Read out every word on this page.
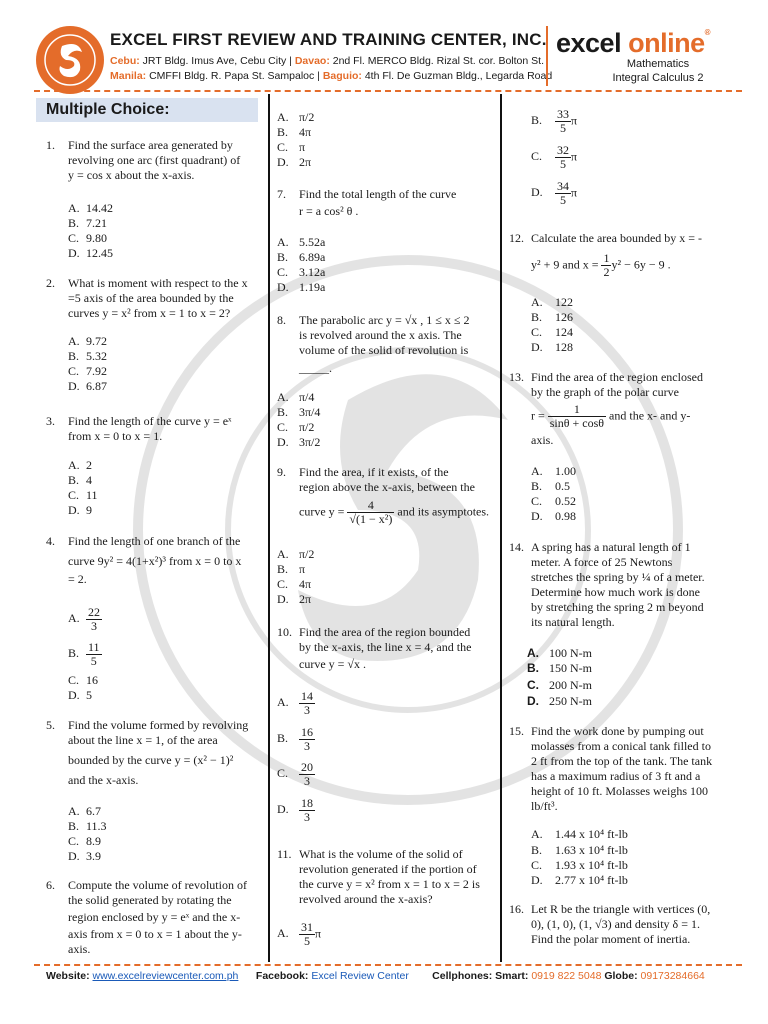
EXCEL FIRST REVIEW AND TRAINING CENTER, INC.
Cebu: JRT Bldg. Imus Ave, Cebu City | Davao: 2nd Fl. MERCO Bldg. Rizal St. cor. Bolton St.
Manila: CMFFI Bldg. R. Papa St. Sampaloc | Baguio: 4th Fl. De Guzman Bldg., Legarda Road
excel online®
Mathematics
Integral Calculus 2
Multiple Choice:
1. Find the surface area generated by
revolving one arc (first quadrant) of
y = cos x about the x-axis.
A. 14.42
B. 7.21
C. 9.80
D. 12.45
2. What is moment with respect to the x
=5 axis of the area bounded by the
curves y = x² from x = 1 to x = 2?
A. 9.72
B. 5.32
C. 7.92
D. 6.87
3. Find the length of the curve y = eˣ
from x = 0 to x = 1.
A. 2
B. 4
C. 11
D. 9
4. Find the length of one branch of the
curve 9y² = 4(1+x²)³ from x = 0 to x
= 2.
A. $\frac{22}{3}$
B. $\frac{11}{5}$
C. 16
D. 5
5. Find the volume formed by revolving
about the line x = 1, of the area
bounded by the curve y = (x² − 1)²
and the x-axis.
A. 6.7
B. 11.3
C. 8.9
D. 3.9
6. Compute the volume of revolution of
the solid generated by rotating the
region enclosed by y = eˣ and the x-
axis from x = 0 to x = 1 about the y-
axis.
A. π/2
B. 4π
C. π
D. 2π
7. Find the total length of the curve
r = a cos² θ .
A. 5.52a
B. 6.89a
C. 3.12a
D. 1.19a
8. The parabolic arc y = √x , 1 ≤ x ≤ 2
is revolved around the x axis. The
volume of the solid of revolution is
_____.
A. π/4
B. 3π/4
C. π/2
D. 3π/2
9. Find the area, if it exists, of the
region above the x-axis, between the
curve $y = \frac{4}{\text{√(1 − x²)}}$ and its asymptotes.
A. π/2
B. π
C. 4π
D. 2π
10. Find the area of the region bounded
by the x-axis, the line x = 4, and the
curve y = √x .
A. $\frac{14}{3}$
B. $\frac{16}{3}$
C. $\frac{20}{3}$
D. $\frac{18}{3}$
11. What is the volume of the solid of
revolution generated if the portion of
the curve y = x² from x = 1 to x = 2 is
revolved around the x-axis?
A. $\frac{31}{5}$ π
B. $\frac{33}{5}$ π
C. $\frac{32}{5}$ π
D. $\frac{34}{5}$ π
12. Calculate the area bounded by x = -
y² + 9 and $x = \frac{1}{2} y^2 - 6y - 9$ .
A. 122
B. 126
C. 124
D. 128
13. Find the area of the region enclosed
by the graph of the polar curve
$r = \frac{1}{\sin\theta + \cos\theta}$ and the x- and y-
axis.
A. 1.00
B. 0.5
C. 0.52
D. 0.98
14. A spring has a natural length of 1
meter. A force of 25 Newtons
stretches the spring by ¼ of a meter.
Determine how much work is done
by stretching the spring 2 m beyond
its natural length.
A. 100 N-m
B. 150 N-m
C. 200 N-m
D. 250 N-m
15. Find the work done by pumping out
molasses from a conical tank filled to
2 ft from the top of the tank. The tank
has a maximum radius of 3 ft and a
height of 10 ft. Molasses weighs 100
lb/ft³.
A. 1.44 x 10⁴ ft-lb
B. 1.63 x 10⁴ ft-lb
C. 1.93 x 10⁴ ft-lb
D. 2.77 x 10⁴ ft-lb
16. Let R be the triangle with vertices (0,
0), (1, 0), (1, √3) and density δ = 1.
Find the polar moment of inertia.
Website: www.excelreviewcenter.com.ph Facebook: Excel Review Center Cellphones: Smart: 0919 822 5048 Globe: 09173284664
